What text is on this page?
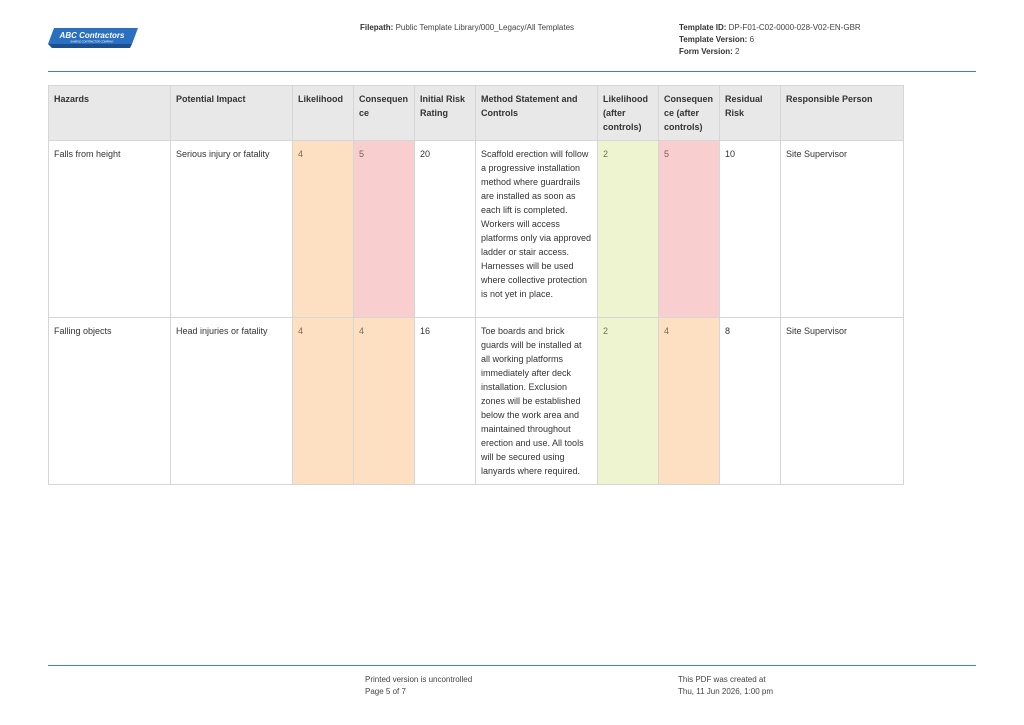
ABC Contractors
SAMPLE CONTRACTOR COMPANY
Filepath: Public Template Library/000_Legacy/All Templates	Template ID: DP-F01-C02-0000-028-V02-EN-GBR
Template Version: 6
Form Version: 2
Hazards	Potential Impact	Likelihood	Consequence	Initial Risk Rating	Method Statement and Controls	Likelihood (after controls)	Consequence (after controls)	Residual Risk	Responsible Person
Falls from height	Serious injury or fatality	4	5	20	Scaffold erection will follow a progressive installation method where guardrails are installed as soon as each lift is completed. Workers will access platforms only via approved ladder or stair access. Harnesses will be used where collective protection is not yet in place.	2	5	10	Site Supervisor
Falling objects	Head injuries or fatality	4	4	16	Toe boards and brick guards will be installed at all working platforms immediately after deck installation. Exclusion zones will be established below the work area and maintained throughout erection and use. All tools will be secured using lanyards where required.	2	4	8	Site Supervisor
Printed version is uncontrolled
Page 5 of 7
This PDF was created at
Thu, 11 Jun 2026, 1:00 pm
